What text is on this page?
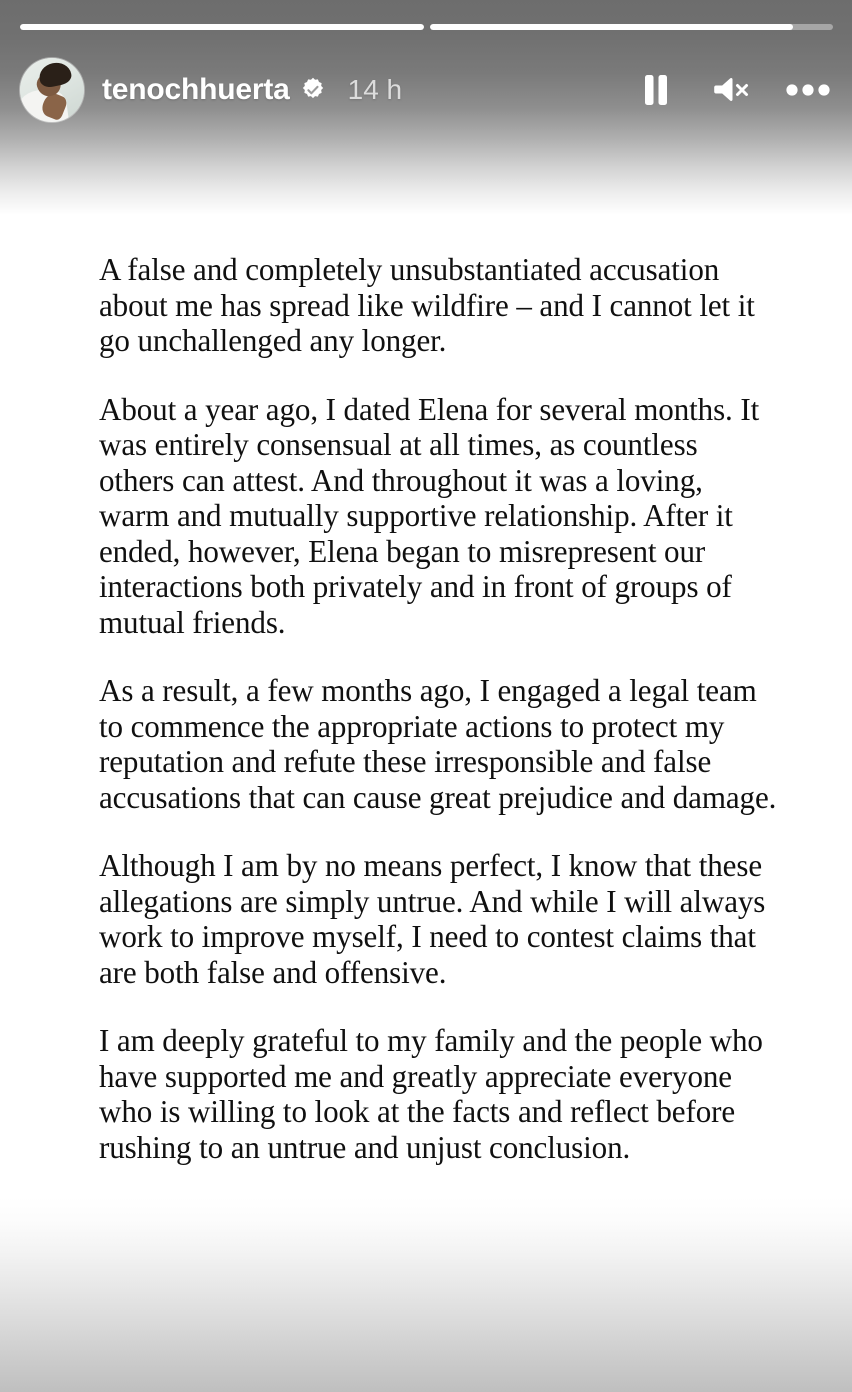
tenochhuerta 14 h

A false and completely unsubstantiated accusation about me has spread like wildfire – and I cannot let it go unchallenged any longer.

About a year ago, I dated Elena for several months. It was entirely consensual at all times, as countless others can attest. And throughout it was a loving, warm and mutually supportive relationship. After it ended, however, Elena began to misrepresent our interactions both privately and in front of groups of mutual friends.

As a result, a few months ago, I engaged a legal team to commence the appropriate actions to protect my reputation and refute these irresponsible and false accusations that can cause great prejudice and damage.

Although I am by no means perfect, I know that these allegations are simply untrue. And while I will always work to improve myself, I need to contest claims that are both false and offensive.

I am deeply grateful to my family and the people who have supported me and greatly appreciate everyone who is willing to look at the facts and reflect before rushing to an untrue and unjust conclusion.
